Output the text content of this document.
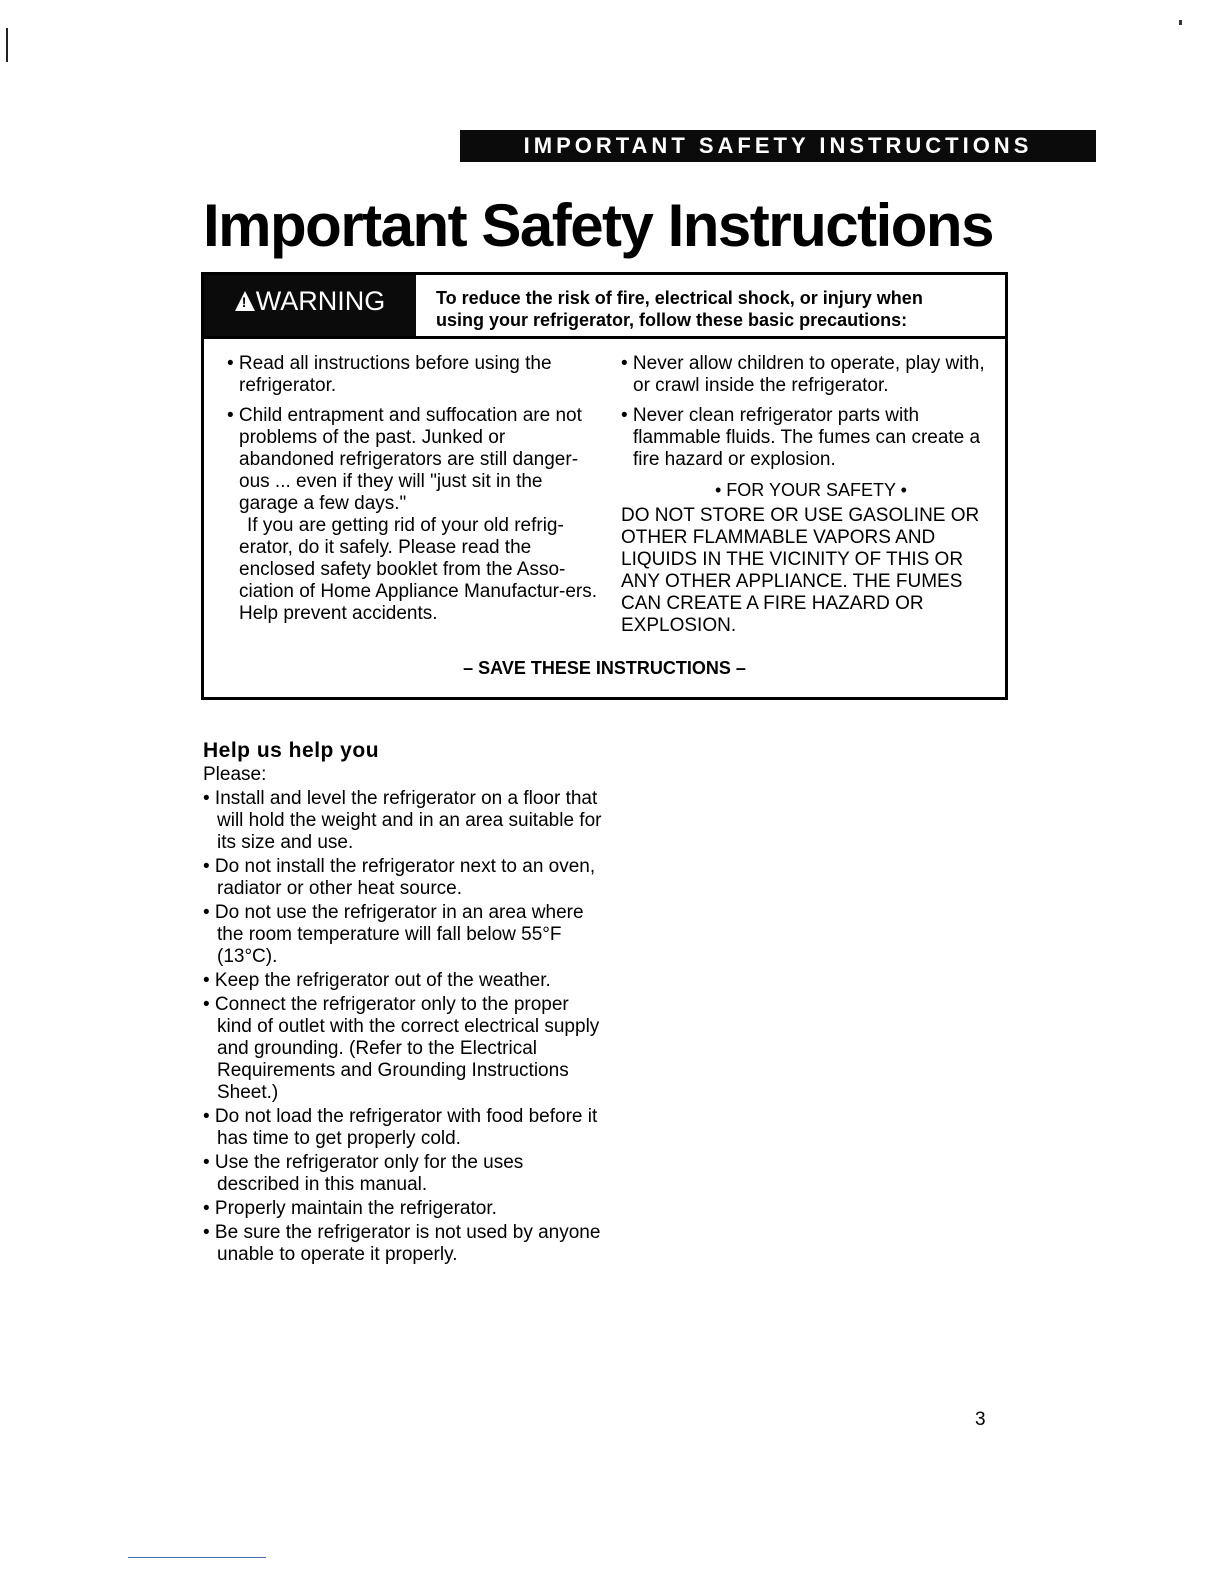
IMPORTANT SAFETY INSTRUCTIONS
Important Safety Instructions
!WARNING	To reduce the risk of fire, electrical shock, or injury when
using your refrigerator, follow these basic precautions:

• Read all instructions before using the refrigerator.

• Child entrapment and suffocation are not problems of the past. Junked or abandoned refrigerators are still danger-ous ... even if they will "just sit in the garage a few days."

If you are getting rid of your old refrig-erator, do it safely. Please read the enclosed safety booklet from the Asso-ciation of Home Appliance Manufactur-ers. Help prevent accidents.

• Never allow children to operate, play with, or crawl inside the refrigerator.

• Never clean refrigerator parts with flammable fluids. The fumes can create a fire hazard or explosion.

• FOR YOUR SAFETY •

DO NOT STORE OR USE GASOLINE OR OTHER FLAMMABLE VAPORS AND LIQUIDS IN THE VICINITY OF THIS OR ANY OTHER APPLIANCE. THE FUMES CAN CREATE A FIRE HAZARD OR EXPLOSION.

– SAVE THESE INSTRUCTIONS –
Help us help you

Please:

• Install and level the refrigerator on a floor that will hold the weight and in an area suitable for its size and use.
• Do not install the refrigerator next to an oven, radiator or other heat source.
• Do not use the refrigerator in an area where the room temperature will fall below 55°F (13°C).
• Keep the refrigerator out of the weather.
• Connect the refrigerator only to the proper kind of outlet with the correct electrical supply and grounding. (Refer to the Electrical Requirements and Grounding Instructions Sheet.)
• Do not load the refrigerator with food before it has time to get properly cold.
• Use the refrigerator only for the uses described in this manual.
• Properly maintain the refrigerator.
• Be sure the refrigerator is not used by anyone unable to operate it properly.
3
